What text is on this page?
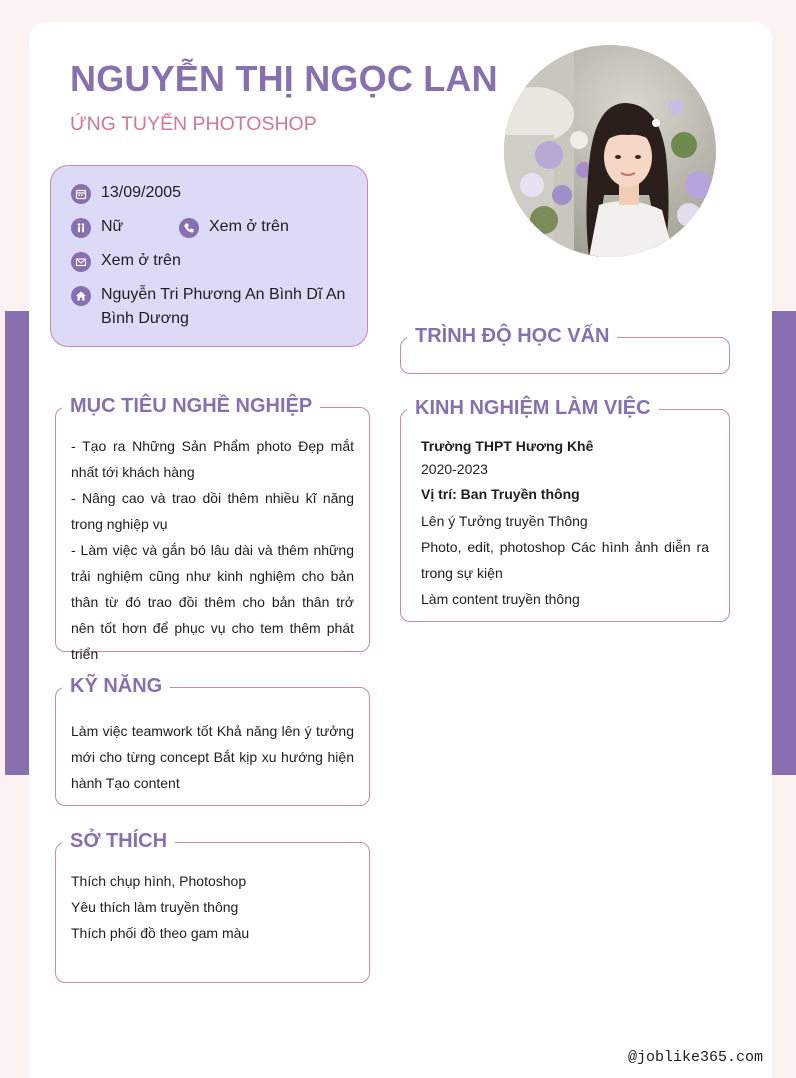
NGUYỄN THỊ NGỌC LAN
ỨNG TUYỂN PHOTOSHOP
13/09/2005
Nữ	Xem ở trên
Xem ở trên
Nguyễn Tri Phương An Bình Dĩ An
Bình Dương
TRÌNH ĐỘ HỌC VẤN
KINH NGHIỆM LÀM VIỆC
Trường THPT Hương Khê
2020-2023
Vị trí: Ban Truyền thông
Lên ý Tưởng truyền Thông
Photo, edit, photoshop Các hình ảnh diễn ra trong sự kiện
Làm content truyền thông
MỤC TIÊU NGHỀ NGHIỆP

- Tạo ra Những Sản Phẩm photo Đẹp mắt nhất tới khách hàng

- Nâng cao và trao dồi thêm nhiều kĩ năng trong nghiệp vụ

- Làm việc và gắn bó lâu dài và thêm những trải nghiệm cũng như kinh nghiệm cho bản thân từ đó trao đồi thêm cho bản thân trở nên tốt hơn để phục vụ cho tem thêm phát triển

KỸ NĂNG
Làm việc teamwork tốt Khả năng lên ý tưởng mới cho từng concept Bắt kịp xu hướng hiện hành Tạo content
SỞ THÍCH
Thích chụp hình, Photoshop
Yêu thích làm truyền thông
Thích phối đồ theo gam màu
@joblike365.com
